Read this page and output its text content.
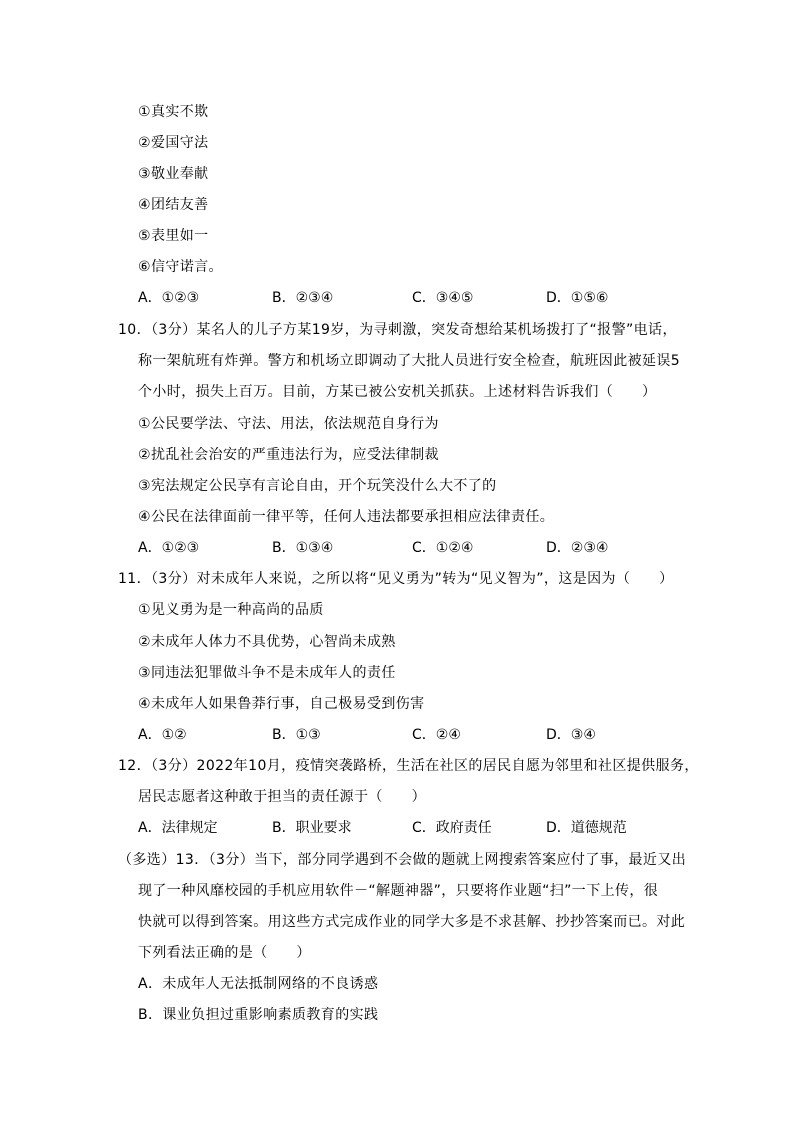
①真实不欺
②爱国守法
③敬业奉献
④团结友善
⑤表里如一
⑥信守诺言。
A．①②③	B．②③④	C．③④⑤	D．①⑤⑥
10．（3分）某名人的儿子方某19岁，为寻刺激，突发奇想给某机场拨打了“报警”电话，
称一架航班有炸弹。警方和机场立即调动了大批人员进行安全检查，航班因此被延误5
个小时，损失上百万。目前，方某已被公安机关抓获。上述材料告诉我们（　　）
①公民要学法、守法、用法，依法规范自身行为
②扰乱社会治安的严重违法行为，应受法律制裁
③宪法规定公民享有言论自由，开个玩笑没什么大不了的
④公民在法律面前一律平等，任何人违法都要承担相应法律责任。
A．①②③	B．①③④	C．①②④	D．②③④
11．（3分）对未成年人来说，之所以将“见义勇为”转为“见义智为”，这是因为（　　）
①见义勇为是一种高尚的品质
②未成年人体力不具优势，心智尚未成熟
③同违法犯罪做斗争不是未成年人的责任
④未成年人如果鲁莽行事，自己极易受到伤害
A．①②	B．①③	C．②④	D．③④
12．（3分）2022年10月，疫情突袭路桥，生活在社区的居民自愿为邻里和社区提供服务，
居民志愿者这种敢于担当的责任源于（　　）
A．法律规定	B．职业要求	C．政府责任	D．道德规范
（多选）13．（3分）当下，部分同学遇到不会做的题就上网搜索答案应付了事，最近又出
现了一种风靡校园的手机应用软件－“解题神器”，只要将作业题“扫”一下上传，很
快就可以得到答案。用这些方式完成作业的同学大多是不求甚解、抄抄答案而已。对此
下列看法正确的是（　　）
A．未成年人无法抵制网络的不良诱惑
B．课业负担过重影响素质教育的实践
